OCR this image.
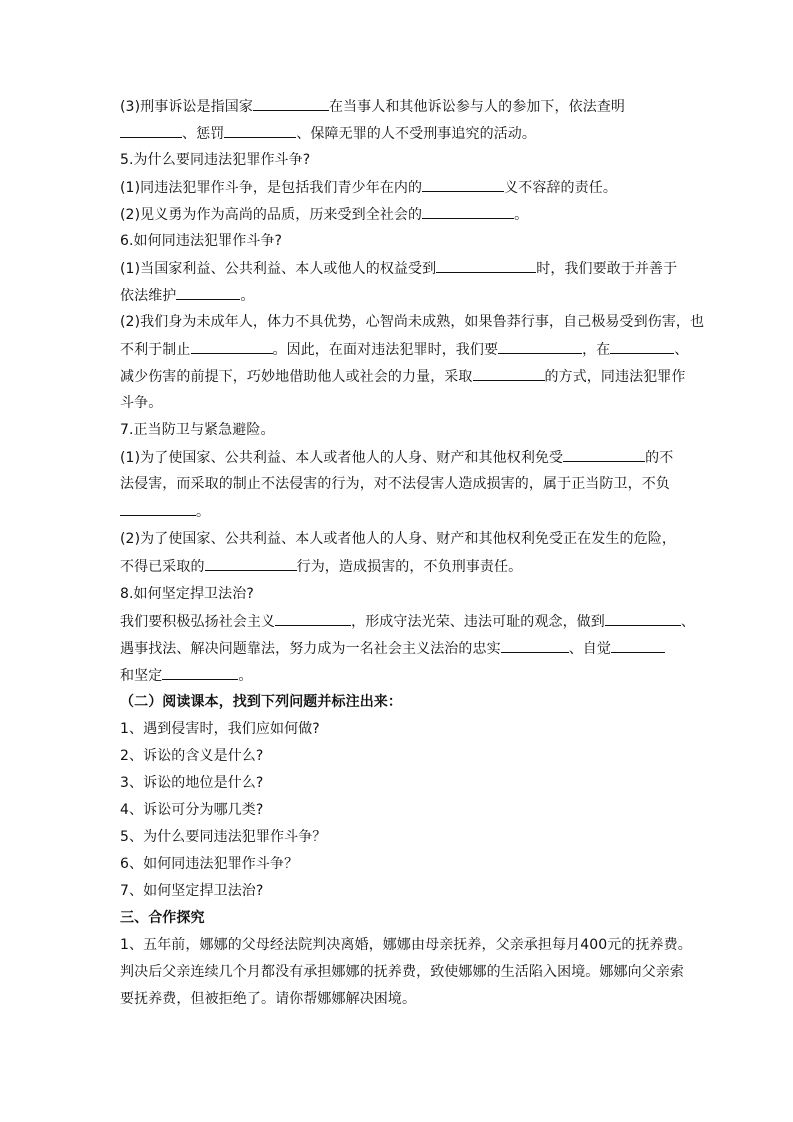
(3)刑事诉讼是指国家	在当事人和其他诉讼参与人的参加下，依法查明
、惩罚	、保障无罪的人不受刑事追究的活动。
5.为什么要同违法犯罪作斗争?
(1)同违法犯罪作斗争，是包括我们青少年在内的	义不容辞的责任。
(2)见义勇为作为高尚的品质，历来受到全社会的	。
6.如何同违法犯罪作斗争?
(1)当国家利益、公共利益、本人或他人的权益受到	时，我们要敢于并善于
依法维护	。
(2)我们身为未成年人，体力不具优势，心智尚未成熟，如果鲁莽行事，自己极易受到伤害，也
不利于制止	。因此，在面对违法犯罪时，我们要	，在	、
减少伤害的前提下，巧妙地借助他人或社会的力量，采取	的方式，同违法犯罪作
斗争。
7.正当防卫与紧急避险。
(1)为了使国家、公共利益、本人或者他人的人身、财产和其他权利免受	的不
法侵害，而采取的制止不法侵害的行为，对不法侵害人造成损害的，属于正当防卫，不负
。
(2)为了使国家、公共利益、本人或者他人的人身、财产和其他权利免受正在发生的危险，
不得已采取的	行为，造成损害的，不负刑事责任。
8.如何坚定捍卫法治?
我们要积极弘扬社会主义	，形成守法光荣、违法可耻的观念，做到	、
遇事找法、解决问题靠法，努力成为一名社会主义法治的忠实	、自觉
和坚定	。
（二）阅读课本，找到下列问题并标注出来：
1、遇到侵害时，我们应如何做?
2、诉讼的含义是什么?
3、诉讼的地位是什么?
4、诉讼可分为哪几类?
5、为什么要同违法犯罪作斗争？
6、如何同违法犯罪作斗争？
7、如何坚定捍卫法治?
三、合作探究
1、五年前，娜娜的父母经法院判决离婚，娜娜由母亲抚养，父亲承担每月400元的抚养费。
判决后父亲连续几个月都没有承担娜娜的抚养费，致使娜娜的生活陷入困境。娜娜向父亲索
要抚养费，但被拒绝了。请你帮娜娜解决困境。
